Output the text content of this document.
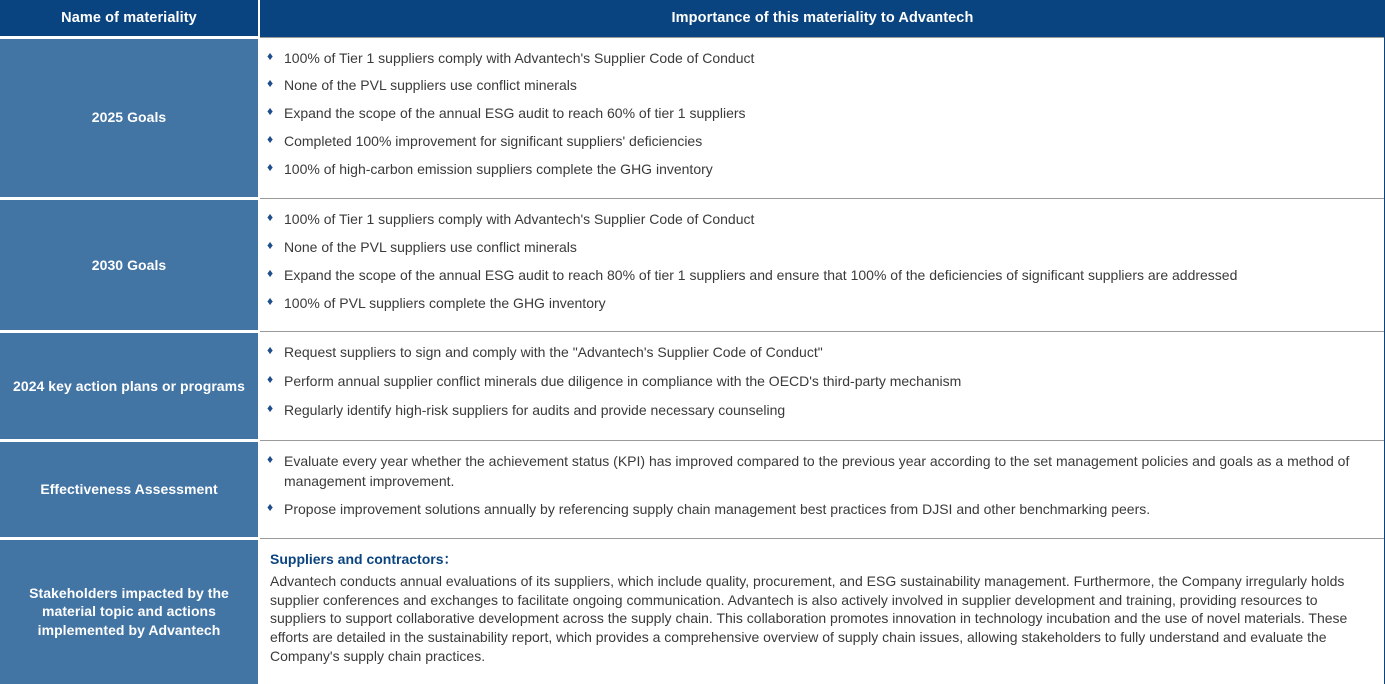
Name of materiality	Importance of this materiality to Advantech
2025 Goals	
♦ 100% of Tier 1 suppliers comply with Advantech's Supplier Code of Conduct
♦ None of the PVL suppliers use conflict minerals
♦ Expand the scope of the annual ESG audit to reach 60% of tier 1 suppliers
♦ Completed 100% improvement for significant suppliers' deficiencies
♦ 100% of high-carbon emission suppliers complete the GHG inventory

2030 Goals	
♦ 100% of Tier 1 suppliers comply with Advantech's Supplier Code of Conduct
♦ None of the PVL suppliers use conflict minerals
♦ Expand the scope of the annual ESG audit to reach 80% of tier 1 suppliers and ensure that 100% of the deficiencies of significant suppliers are addressed
♦ 100% of PVL suppliers complete the GHG inventory

2024 key action plans or programs	
♦ Request suppliers to sign and comply with the "Advantech's Supplier Code of Conduct"
♦ Perform annual supplier conflict minerals due diligence in compliance with the OECD's third-party mechanism
♦ Regularly identify high-risk suppliers for audits and provide necessary counseling

Effectiveness Assessment	
♦ Evaluate every year whether the achievement status (KPI) has improved compared to the previous year according to the set management policies and goals as a method of management improvement.
♦ Propose improvement solutions annually by referencing supply chain management best practices from DJSI and other benchmarking peers.

Stakeholders impacted by the material topic and actions implemented by Advantech	Suppliers and contractors：

Advantech conducts annual evaluations of its suppliers, which include quality, procurement, and ESG sustainability management. Furthermore, the Company irregularly holds supplier conferences and exchanges to facilitate ongoing communication. Advantech is also actively involved in supplier development and training, providing resources to suppliers to support collaborative development across the supply chain. This collaboration promotes innovation in technology incubation and the use of novel materials. These efforts are detailed in the sustainability report, which provides a comprehensive overview of supply chain issues, allowing stakeholders to fully understand and evaluate the Company's supply chain practices.
